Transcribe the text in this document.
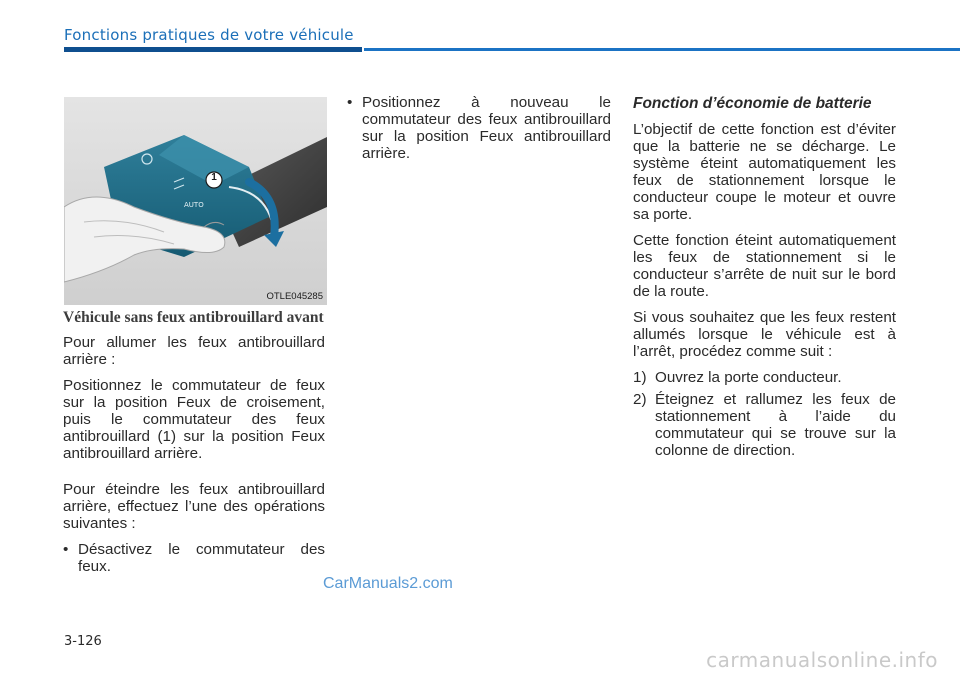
Fonctions pratiques de votre véhicule
AUTO
1
OTLE045285
Véhicule sans feux antibrouillard avant

Pour allumer les feux antibrouillard arrière :

Positionnez le commutateur de feux sur la position Feux de croisement, puis le commutateur des feux antibrouillard (1) sur la position Feux antibrouillard arrière.

Pour éteindre les feux antibrouillard arrière, effectuez l’une des opérations suivantes :

• Désactivez le commutateur des feux.
• Positionnez à nouveau le commutateur des feux antibrouillard sur la position Feux antibrouillard arrière.
Fonction d’économie de batterie

L’objectif de cette fonction est d’éviter que la batterie ne se décharge. Le système éteint automatiquement les feux de stationnement lorsque le conducteur coupe le moteur et ouvre sa porte.

Cette fonction éteint automatiquement les feux de stationnement si le conducteur s’arrête de nuit sur le bord de la route.

Si vous souhaitez que les feux restent allumés lorsque le véhicule est à l’arrêt, procédez comme suit :

1) Ouvrez la porte conducteur.
2) Éteignez et rallumez les feux de stationnement à l’aide du commutateur qui se trouve sur la colonne de direction.
CarManuals2.com
3-126
carmanualsonline.info
